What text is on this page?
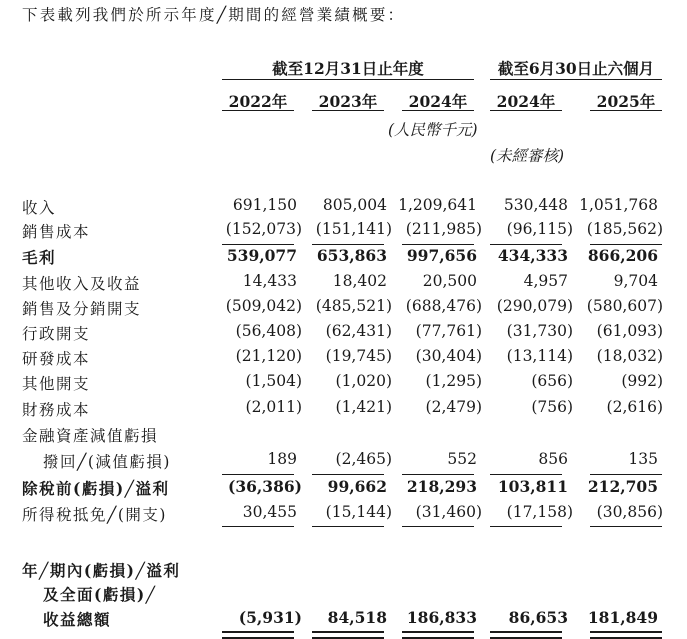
下表載列我們於所示年度╱期間的經營業績概要：
截至12月31日止年度	截至6月30日止六個月
2022年	2023年	2024年	2024年	2025年
(人民幣千元)
(未經審核)
收入	691,150	805,004 1,209,641	530,448 1,051,768
銷售成本	(152,073) (151,141) (211,985)	(96,115) (185,562)
毛利	539,077	653,863	997,656	434,333	866,206
其他收入及收益	14,433	18,402	20,500	4,957	9,704
銷售及分銷開支	(509,042) (485,521) (688,476) (290,079) (580,607)
行政開支	(56,408)	(62,431)	(77,761)	(31,730)	(61,093)
研發成本	(21,120)	(19,745)	(30,404)	(13,114)	(18,032)
其他開支	(1,504)	(1,020)	(1,295)	(656)	(992)
財務成本	(2,011)	(1,421)	(2,479)	(756)	(2,616)
金融資產減值虧損
撥回╱(減值虧損)	189	(2,465)	552	856	135
除稅前(虧損)╱溢利	(36,386)	99,662	218,293	103,811	212,705
所得稅抵免╱(開支)	30,455	(15,144)	(31,460)	(17,158)	(30,856)
年╱期內(虧損)╱溢利
及全面(虧損)╱
收益總額	(5,931)	84,518	186,833	86,653	181,849
